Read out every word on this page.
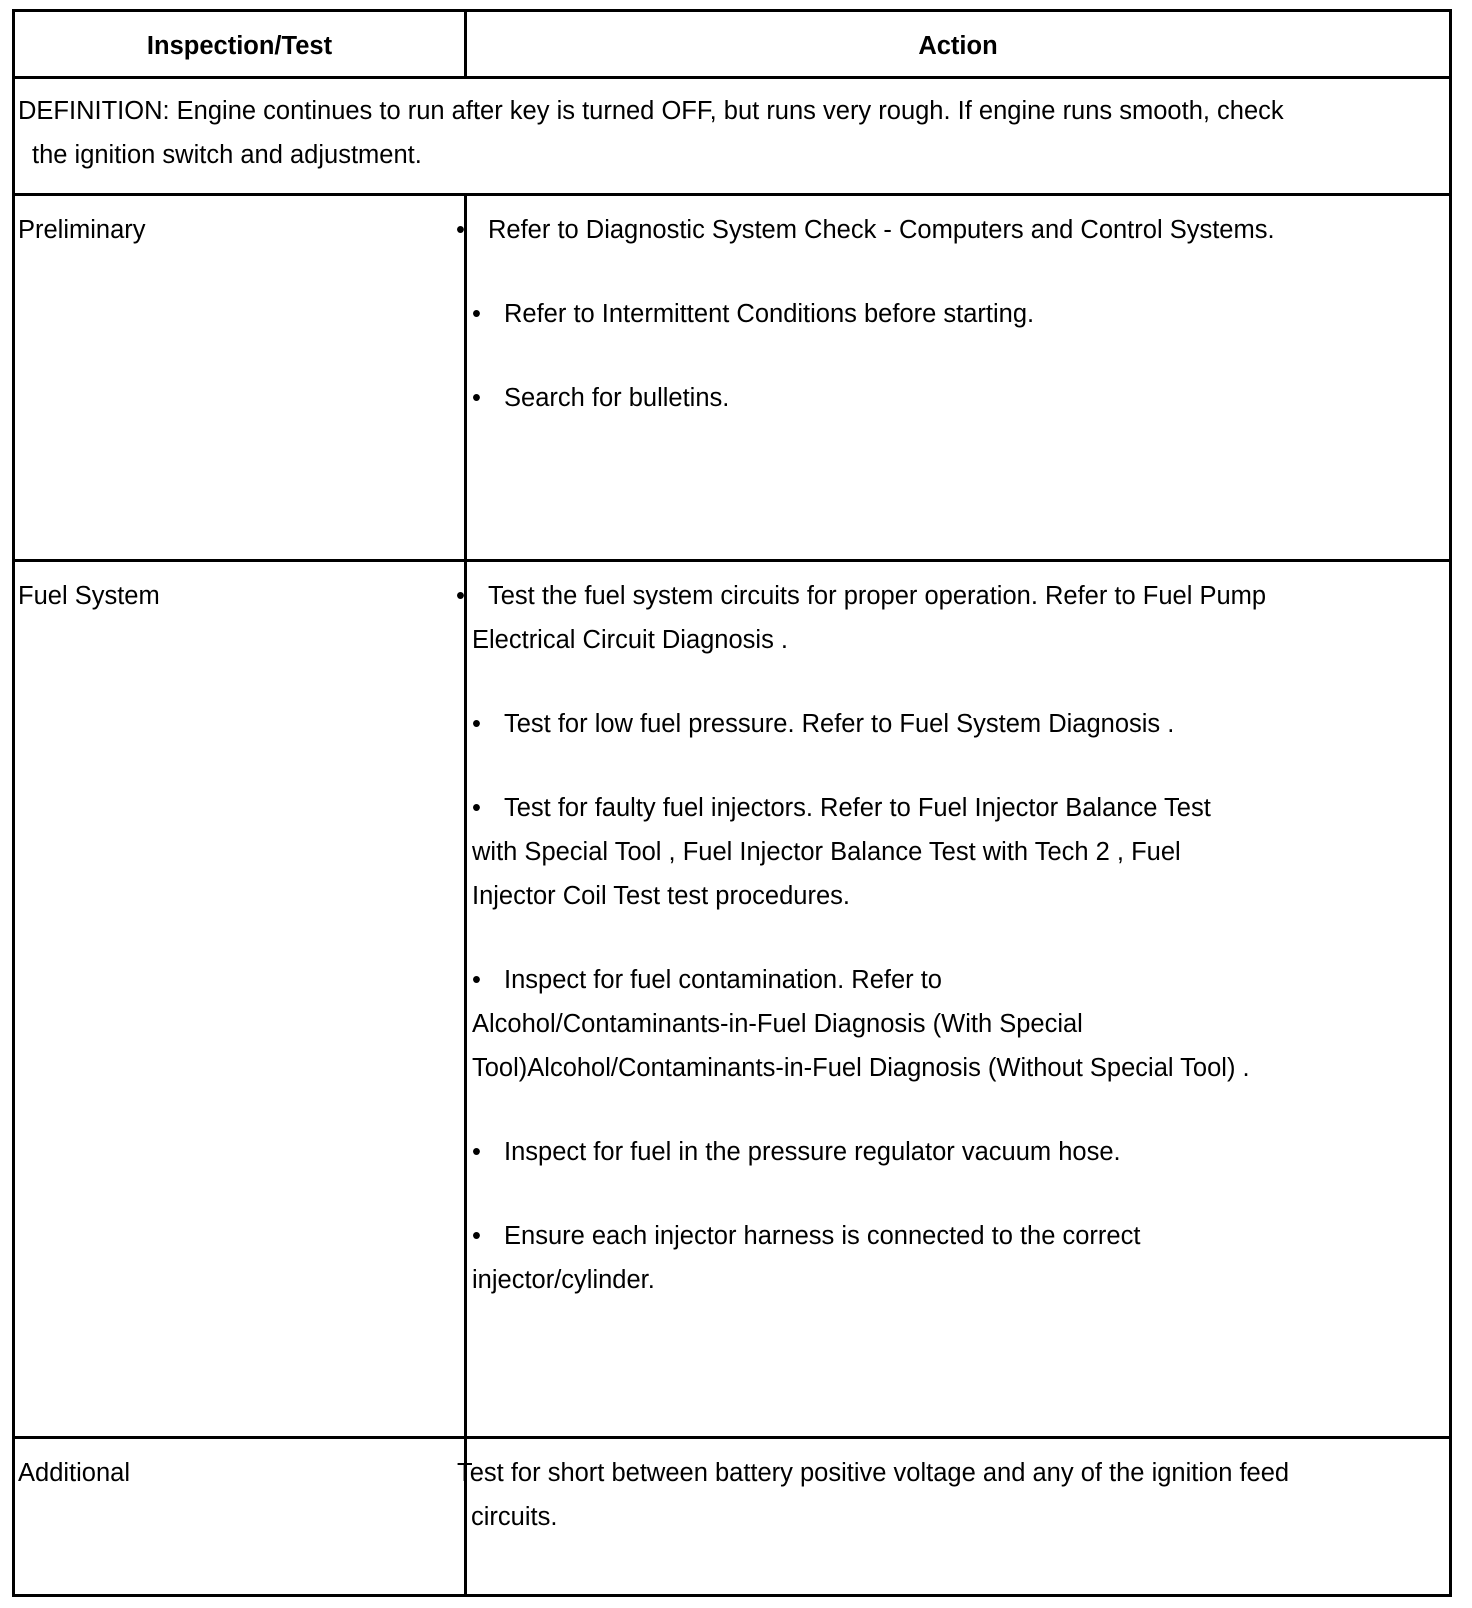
Inspection/Test	Action
DEFINITION: Engine continues to run after key is turned OFF, but runs very rough. If engine runs smooth, check
the ignition switch and adjustment.
Preliminary	• Refer to Diagnostic System Check - Computers and Control Systems.
• Refer to Intermittent Conditions before starting.
• Search for bulletins.
Fuel System	• Test the fuel system circuits for proper operation. Refer to Fuel Pump
Electrical Circuit Diagnosis .
• Test for low fuel pressure. Refer to Fuel System Diagnosis .
• Test for faulty fuel injectors. Refer to Fuel Injector Balance Test
with Special Tool , Fuel Injector Balance Test with Tech 2 , Fuel
Injector Coil Test test procedures.
• Inspect for fuel contamination. Refer to
Alcohol/Contaminants-in-Fuel Diagnosis (With Special
Tool)Alcohol/Contaminants-in-Fuel Diagnosis (Without Special Tool) .
• Inspect for fuel in the pressure regulator vacuum hose.
• Ensure each injector harness is connected to the correct
injector/cylinder.
Additional	Test for short between battery positive voltage and any of the ignition feed
circuits.
